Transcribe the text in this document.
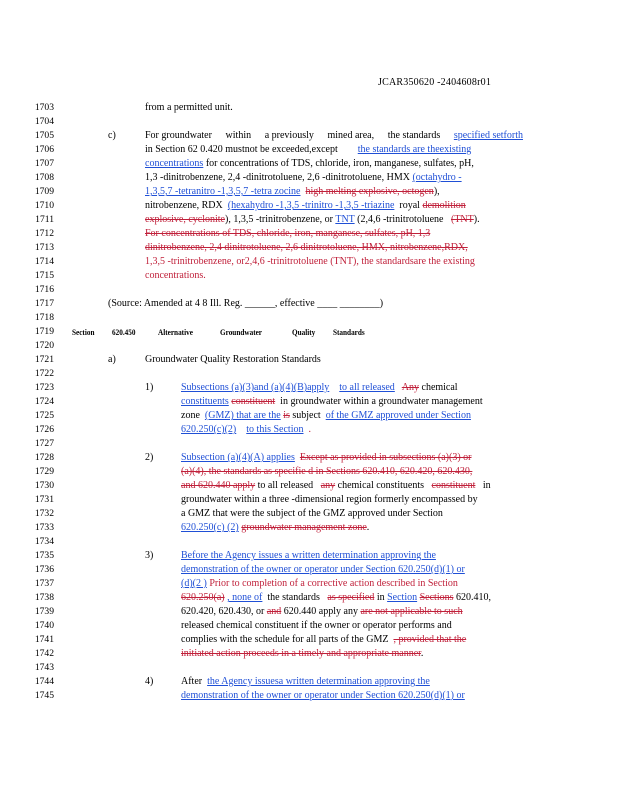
JCAR350620 -2404608r01
1703
1704
1705
1706
1707
1708
1709
1710
1711
1712
1713
1714
1715
1716
1717
1718
1719
1720
1721
1722
1723
1724
1725
1726
1727
1728
1729
1730
1731
1732
1733
1734
1735
1736
1737
1738
1739
1740
1741
1742
1743
1744
1745
from a permitted unit.
c)	For groundwater within a previously mined area, the standards specified setforth
in Section 62 0.420 mustnot be exceeded,except the standards are theexisting
concentrations for concentrations of TDS, chloride, iron, manganese, sulfates, pH,
1,3 -dinitrobenzene, 2,4 -dinitrotoluene, 2,6 -dinitrotoluene, HMX (octahydro -
1,3,5,7 -tetranitro -1,3,5,7 -tetra zocine high melting explosive, octogen),
nitrobenzene, RDX (hexahydro -1,3,5 -trinitro -1,3,5 -triazine royal demolition
explosive, cyclonite), 1,3,5 -trinitrobenzene, or TNT (2,4,6 -trinitrotoluene (TNT).
For concentrations of TDS, chloride, iron, manganese, sulfates, pH, 1,3
dinitrobenzene, 2,4 dinitrotoluene, 2,6 dinitrotoluene, HMX, nitrobenzene,RDX,
1,3,5 -trinitrobenzene, or2,4,6 -trinitrotoluene (TNT), the standardsare the existing
concentrations.
(Source: Amended at 4 8 Ill. Reg. ______, effective ____ ________)
Section 620.450	Alternative	Groundwater	Quality Standards
a)	Groundwater Quality Restoration Standards
1)	Subsections (a)(3)and (a)(4)(B)apply to all released Any chemical
constituents constituent in groundwater within a groundwater management
zone (GMZ) that are the is subject of the GMZ approved under Section
620.250(c)(2) to this Section .
2)	Subsection (a)(4)(A) applies Except as provided in subsections (a)(3) or
(a)(4), the standards as specifie d in Sections 620.410, 620.420, 620.430,
and 620.440 apply to all released any chemical constituents constituent in
groundwater within a three -dimensional region formerly encompassed by
a GMZ that were the subject of the GMZ approved under Section
620.250(c) (2) groundwater management zone.
3)	Before the Agency issues a written determination approving the
demonstration of the owner or operator under Section 620.250(d)(1) or
(d)(2 ) Prior to completion of a corrective action described in Section
620.250(a) , none of the standards as specified in Section Sections 620.410,
620.420, 620.430, or and 620.440 apply any are not applicable to such
released chemical constituent if the owner or operator performs and
complies with the schedule for all parts of the GMZ , provided that the
initiated action proceeds in a timely and appropriate manner.
4)	After the Agency issuesa written determination approving the
demonstration of the owner or operator under Section 620.250(d)(1) or
